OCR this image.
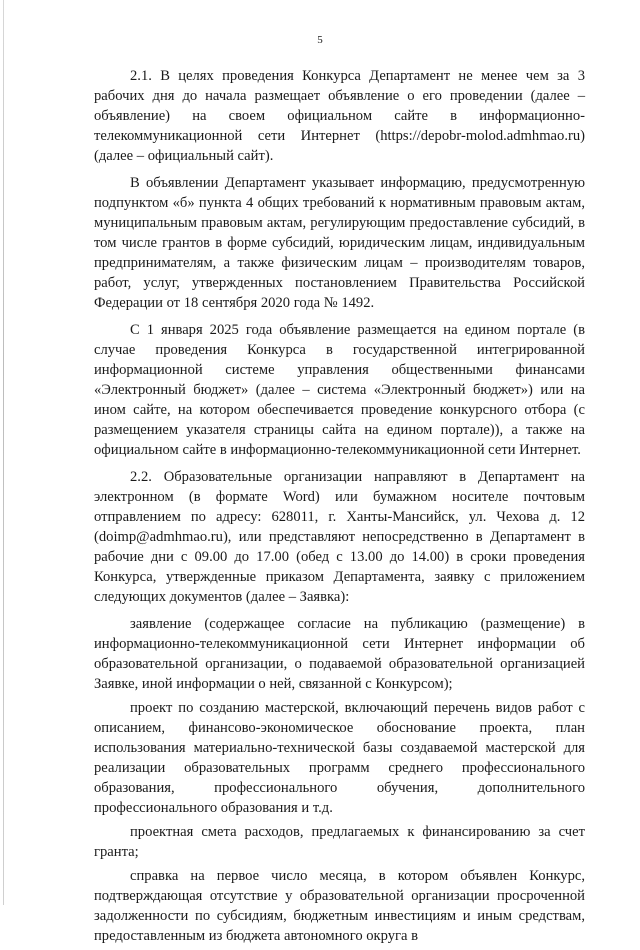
5

2.1. В целях проведения Конкурса Департамент не менее чем за 3 рабочих дня до начала размещает объявление о его проведении (далее – объявление) на своем официальном сайте в информационно-телекоммуникационной сети Интернет (https://depobr-molod.admhmao.ru) (далее – официальный сайт).

В объявлении Департамент указывает информацию, предусмотренную подпунктом «б» пункта 4 общих требований к нормативным правовым актам, муниципальным правовым актам, регулирующим предоставление субсидий, в том числе грантов в форме субсидий, юридическим лицам, индивидуальным предпринимателям, а также физическим лицам – производителям товаров, работ, услуг, утвержденных постановлением Правительства Российской Федерации от 18 сентября 2020 года № 1492.

С 1 января 2025 года объявление размещается на едином портале (в случае проведения Конкурса в государственной интегрированной информационной системе управления общественными финансами «Электронный бюджет» (далее – система «Электронный бюджет») или на ином сайте, на котором обеспечивается проведение конкурсного отбора (с размещением указателя страницы сайта на едином портале)), а также на официальном сайте в информационно-телекоммуникационной сети Интернет.

2.2. Образовательные организации направляют в Департамент на электронном (в формате Word) или бумажном носителе почтовым отправлением по адресу: 628011, г. Ханты-Мансийск, ул. Чехова д. 12 (doimp@admhmao.ru), или представляют непосредственно в Департамент в рабочие дни с 09.00 до 17.00 (обед с 13.00 до 14.00) в сроки проведения Конкурса, утвержденные приказом Департамента, заявку с приложением следующих документов (далее – Заявка):

заявление (содержащее согласие на публикацию (размещение) в информационно-телекоммуникационной сети Интернет информации об образовательной организации, о подаваемой образовательной организацией Заявке, иной информации о ней, связанной с Конкурсом);

проект по созданию мастерской, включающий перечень видов работ с описанием, финансово-экономическое обоснование проекта, план использования материально-технической базы создаваемой мастерской для реализации образовательных программ среднего профессионального образования, профессионального обучения, дополнительного профессионального образования и т.д.

проектная смета расходов, предлагаемых к финансированию за счет гранта;

справка на первое число месяца, в котором объявлен Конкурс, подтверждающая отсутствие у образовательной организации просроченной задолженности по субсидиям, бюджетным инвестициям и иным средствам, предоставленным из бюджета автономного округа в
